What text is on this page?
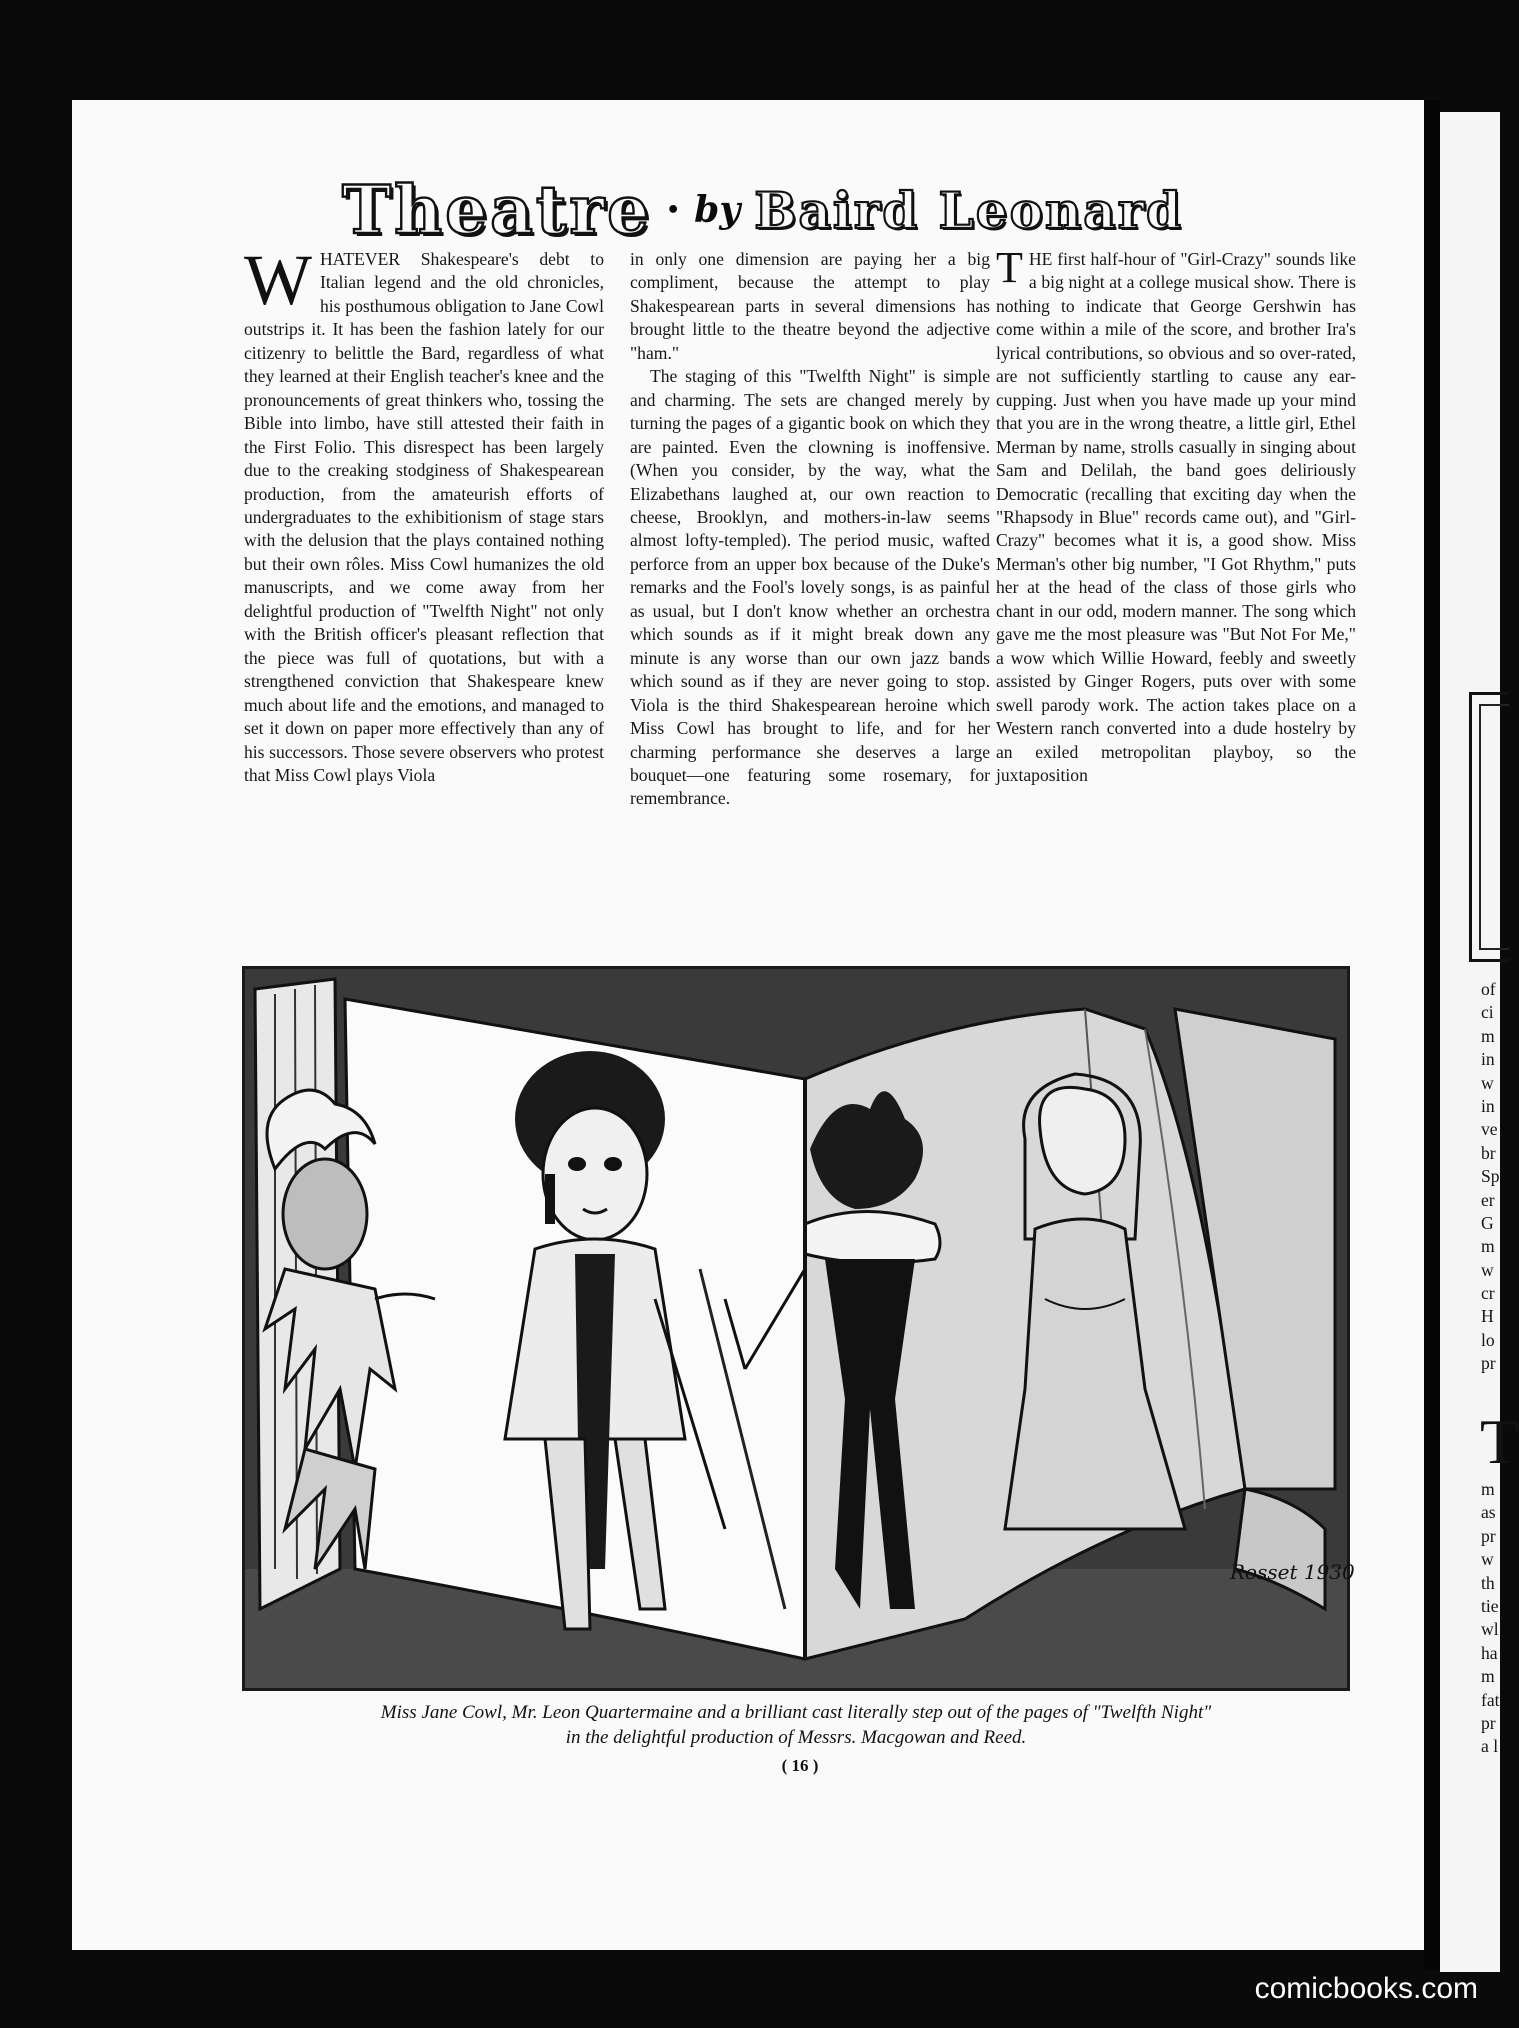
Theatre • by Baird Leonard

WHATEVER Shakespeare's debt to Italian legend and the old chronicles, his posthumous obligation to Jane Cowl outstrips it. It has been the fashion lately for our citizenry to belittle the Bard, regardless of what they learned at their English teacher's knee and the pronouncements of great thinkers who, tossing the Bible into limbo, have still attested their faith in the First Folio. This disrespect has been largely due to the creaking stodginess of Shakespearean production, from the amateurish efforts of undergraduates to the exhibitionism of stage stars with the delusion that the plays contained nothing but their own rôles. Miss Cowl humanizes the old manuscripts, and we come away from her delightful production of "Twelfth Night" not only with the British officer's pleasant reflection that the piece was full of quotations, but with a strengthened conviction that Shakespeare knew much about life and the emotions, and managed to set it down on paper more effectively than any of his successors. Those severe observers who protest that Miss Cowl plays Viola

in only one dimension are paying her a big compliment, because the attempt to play Shakespearean parts in several dimensions has brought little to the theatre beyond the adjective "ham."

The staging of this "Twelfth Night" is simple and charming. The sets are changed merely by turning the pages of a gigantic book on which they are painted. Even the clowning is inoffensive. (When you consider, by the way, what the Elizabethans laughed at, our own reaction to cheese, Brooklyn, and mothers-in-law seems almost lofty-templed). The period music, wafted perforce from an upper box because of the Duke's remarks and the Fool's lovely songs, is as painful as usual, but I don't know whether an orchestra which sounds as if it might break down any minute is any worse than our own jazz bands which sound as if they are never going to stop. Viola is the third Shakespearean heroine which Miss Cowl has brought to life, and for her charming performance she deserves a large bouquet—one featuring some rosemary, for remembrance.

THE first half-hour of "Girl-Crazy" sounds like a big night at a college musical show. There is nothing to indicate that George Gershwin has come within a mile of the score, and brother Ira's lyrical contributions, so obvious and so over-rated, are not sufficiently startling to cause any ear-cupping. Just when you have made up your mind that you are in the wrong theatre, a little girl, Ethel Merman by name, strolls casually in singing about Sam and Delilah, the band goes deliriously Democratic (recalling that exciting day when the "Rhapsody in Blue" records came out), and "Girl-Crazy" becomes what it is, a good show. Miss Merman's other big number, "I Got Rhythm," puts her at the head of the class of those girls who chant in our odd, modern manner. The song which gave me the most pleasure was "But Not For Me," a wow which Willie Howard, feebly and sweetly assisted by Ginger Rogers, puts over with some swell parody work. The action takes place on a Western ranch converted into a dude hostelry by an exiled metropolitan playboy, so the juxtaposition

Rosset 1930
Miss Jane Cowl, Mr. Leon Quartermaine and a brilliant cast literally step out of the pages of "Twelfth Night"
in the delightful production of Messrs. Macgowan and Reed.
( 16 )
of
ci
m
in
w
in
ve
br
Sp
er
G
m
w
cr
H
lo
pr
T
m
as
pr
w
th
tie
wl
ha
m
fat
pr
a l
comicbooks.com
